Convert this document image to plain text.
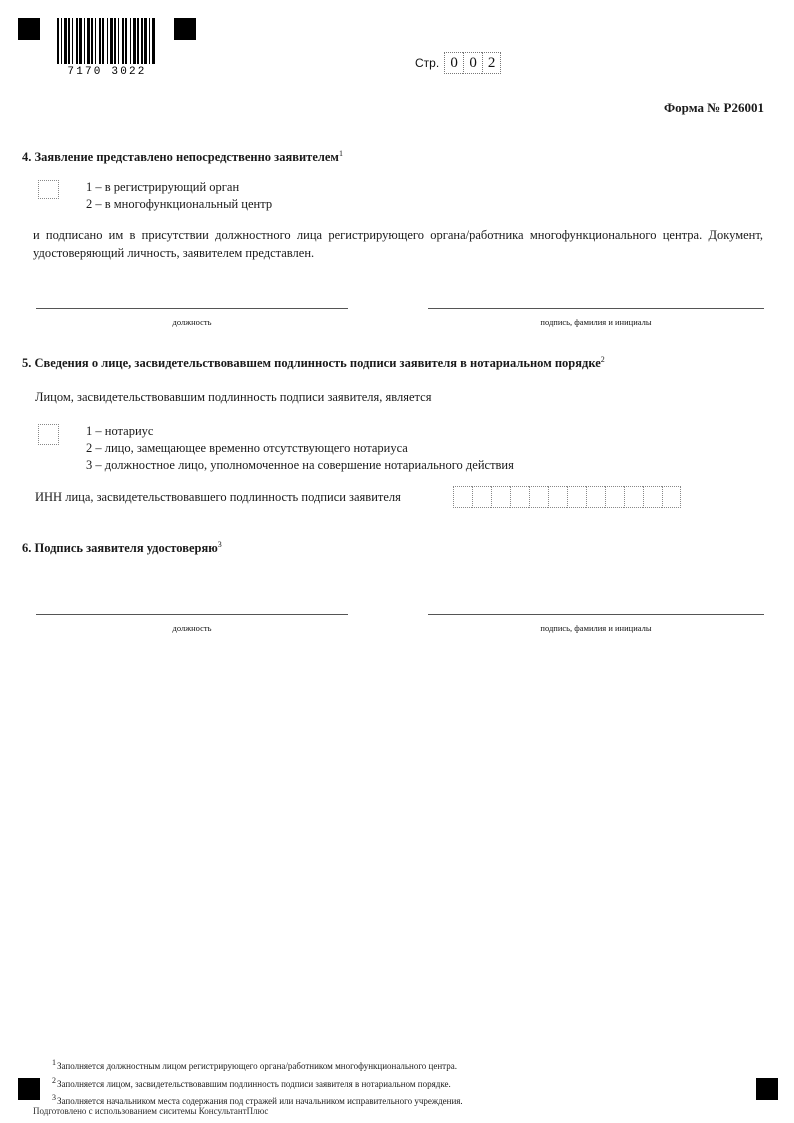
7170 3022
Стр. 0 0 2
Форма № Р26001
4. Заявление представлено непосредственно заявителем$^1$
1 – в регистрирующий орган
2 – в многофункциональный центр
и подписано им в присутствии должностного лица регистрирующего органа/работника многофункционального центра. Документ, удостоверяющий личность, заявителем представлен.
должность	подпись, фамилия и инициалы
5. Сведения о лице, засвидетельствовавшем подлинность подписи заявителя в нотариальном порядке$^2$
Лицом, засвидетельствовавшим подлинность подписи заявителя, является
1 – нотариус
2 – лицо, замещающее временно отсутствующего нотариуса
3 – должностное лицо, уполномоченное на совершение нотариального действия
ИНН лица, засвидетельствовавшего подлинность подписи заявителя
6. Подпись заявителя удостоверяю$^3$
должность	подпись, фамилия и инициалы
$^1$Заполняется должностным лицом регистрирующего органа/работником многофункционального центра.
$^2$Заполняется лицом, засвидетельствовавшим подлинность подписи заявителя в нотариальном порядке.
$^3$Заполняется начальником места содержания под стражей или начальником исправительного учреждения.
Подготовлено с использованием сиситемы КонсультантПлюс
